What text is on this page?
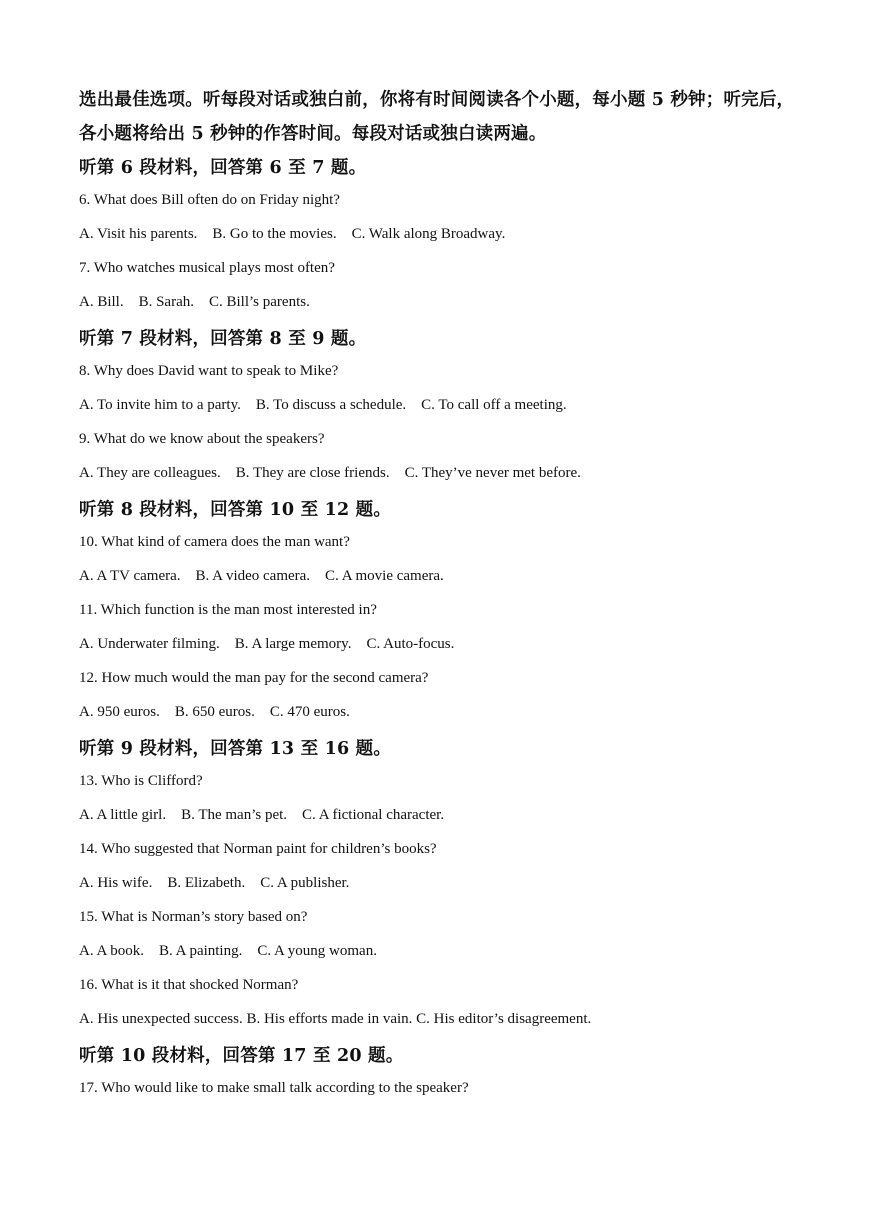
选出最佳选项。听每段对话或独白前，你将有时间阅读各个小题，每小题 5 秒钟；听完后，
各小题将给出 5 秒钟的作答时间。每段对话或独白读两遍。
听第 6 段材料，回答第 6 至 7 题。
6. What does Bill often do on Friday night?
A. Visit his parents.    B. Go to the movies.    C. Walk along Broadway.
7. Who watches musical plays most often?
A. Bill.    B. Sarah.    C. Bill’s parents.
听第 7 段材料，回答第 8 至 9 题。
8. Why does David want to speak to Mike?
A. To invite him to a party.    B. To discuss a schedule.    C. To call off a meeting.
9. What do we know about the speakers?
A. They are colleagues.    B. They are close friends.    C. They’ve never met before.
听第 8 段材料，回答第 10 至 12 题。
10. What kind of camera does the man want?
A. A TV camera.    B. A video camera.    C. A movie camera.
11. Which function is the man most interested in?
A. Underwater filming.    B. A large memory.    C. Auto-focus.
12. How much would the man pay for the second camera?
A. 950 euros.    B. 650 euros.    C. 470 euros.
听第 9 段材料，回答第 13 至 16 题。
13. Who is Clifford?
A. A little girl.    B. The man’s pet.    C. A fictional character.
14. Who suggested that Norman paint for children’s books?
A. His wife.    B. Elizabeth.    C. A publisher.
15. What is Norman’s story based on?
A. A book.    B. A painting.    C. A young woman.
16. What is it that shocked Norman?
A. His unexpected success. B. His efforts made in vain. C. His editor’s disagreement.
听第 10 段材料，回答第 17 至 20 题。
17. Who would like to make small talk according to the speaker?
